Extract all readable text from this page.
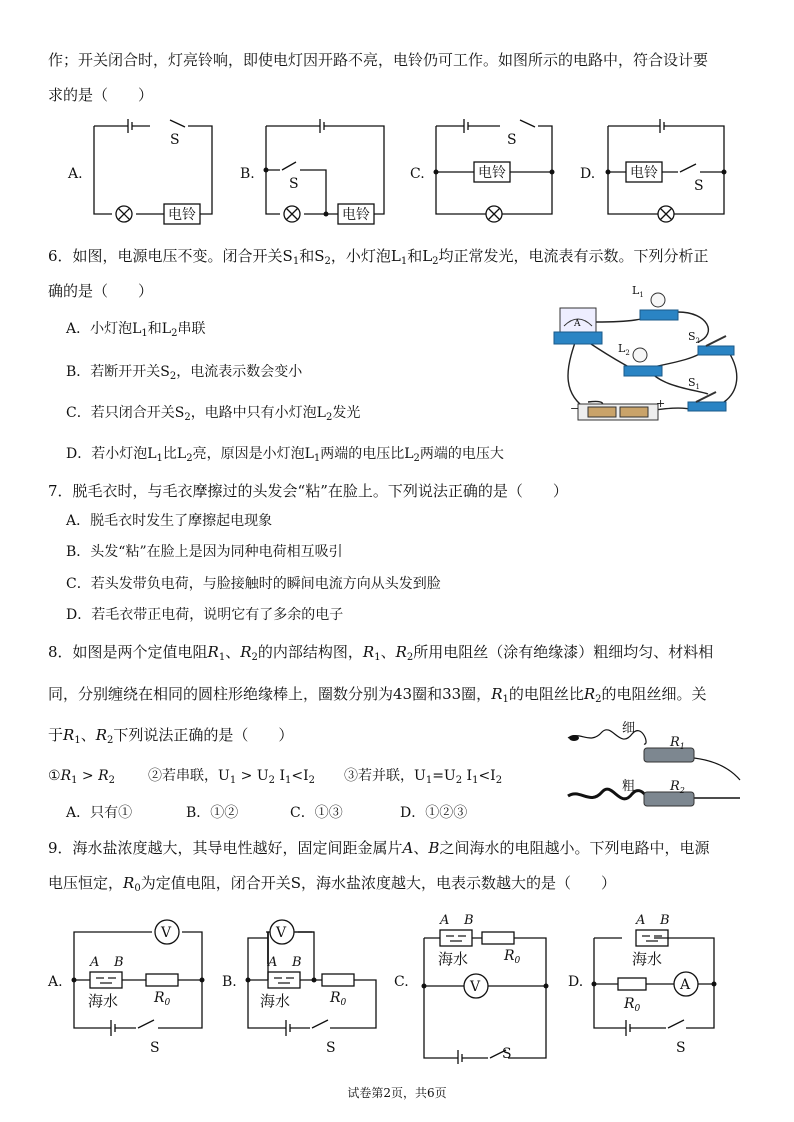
作；开关闭合时，灯亮铃响，即使电灯因开路不亮，电铃仍可工作。如图所示的电路中，符合设计要
求的是（　　）
A.	B.	C.	D.
S
S
S
S
电铃	电铃
电铃	电铃
6．如图，电源电压不变。闭合开关$S_1$和$S_2$，小灯泡$L_1$和$L_2$均正常发光，电流表有示数。下列分析正
确的是（　　）
A．小灯泡$L_1$和$L_2$串联
B．若断开开关$S_2$，电流表示数会变小
C．若只闭合开关$S_2$，电路中只有小灯泡$L_2$发光
D．若小灯泡$L_1$比$L_2$亮，原因是小灯泡$L_1$两端的电压比$L_2$两端的电压大
A
$L_1$
$L_2$
$S_2$
$S_1$
−	+
7．脱毛衣时，与毛衣摩擦过的头发会“粘”在脸上。下列说法正确的是（　　）
A．脱毛衣时发生了摩擦起电现象
B．头发“粘”在脸上是因为同种电荷相互吸引
C．若头发带负电荷，与脸接触时的瞬间电流方向从头发到脸
D．若毛衣带正电荷，说明它有了多余的电子
8．如图是两个定值电阻$R_1$、$R_2$的内部结构图，$R_1$、$R_2$所用电阻丝（涂有绝缘漆）粗细均匀、材料相
同，分别缠绕在相同的圆柱形绝缘棒上，圈数分别为43圈和33圈，$R_1$的电阻丝比$R_2$的电阻丝细。关
于$R_1$、$R_2$下列说法正确的是（　　）
$①R_1 > R_2$ ②若串联，$U_1 > U_2$ $I_1<I_2$ ③若并联，$U_1=U_2$ $I_1<I_2$
A．只有①	B．①②	C．①③	D．①②③
细
粗
$R_1$
$R_2$
9．海水盐浓度越大，其导电性越好，固定间距金属片A、B之间海水的电阻越小。下列电路中，电源
电压恒定，$R_0$为定值电阻，闭合开关S，海水盐浓度越大，电表示数越大的是（　　）
A.	B.	C.	D.
V	V
V	A
海水	海水
海水	海水
$R_0$	$R_0$
$R_0$
$R_0$
S	S	S	S
A B	A B
A B	A B
试卷第2页，共6页
